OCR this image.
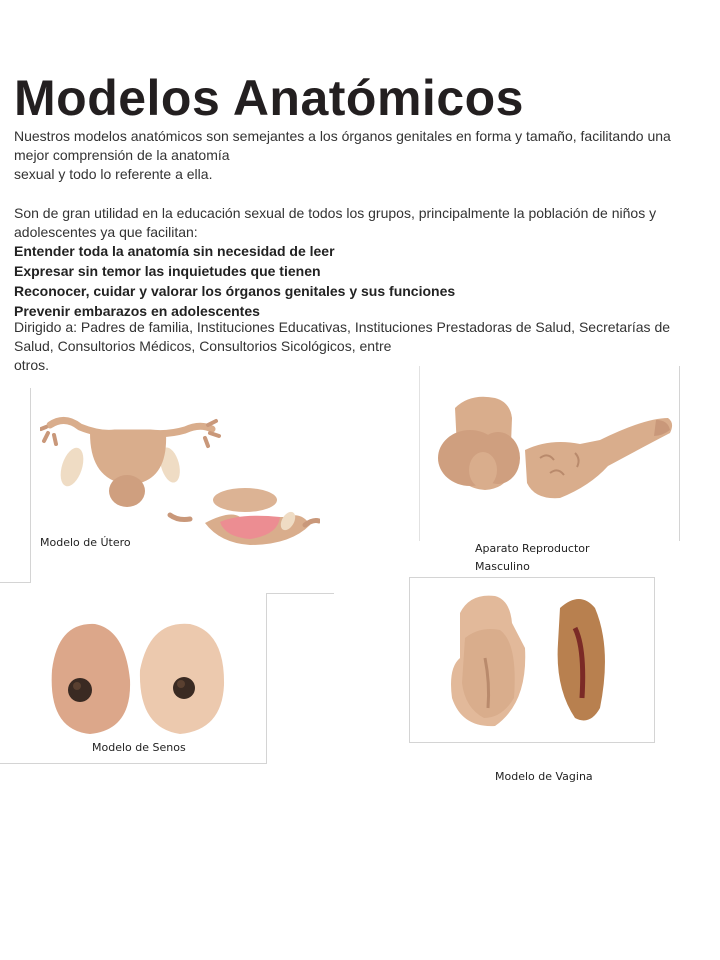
Modelos Anatómicos
Nuestros modelos anatómicos son semejantes a los órganos genitales en forma y tamaño, facilitando una
mejor comprensión de la anatomía
sexual y todo lo referente a ella.
Son de gran utilidad en la educación sexual de todos los grupos, principalmente la población de niños y
adolescentes ya que facilitan:
Entender toda la anatomía sin necesidad de leer
Expresar sin temor las inquietudes que tienen
Reconocer, cuidar y valorar los órganos genitales y sus funciones
Prevenir embarazos en adolescentes
Dirigido a: Padres de familia, Instituciones Educativas, Instituciones Prestadoras de Salud, Secretarías de
Salud, Consultorios Médicos, Consultorios Sicológicos, entre
otros.
Modelo de Útero	Aparato Reproductor
Masculino
Modelo de Senos
Modelo de Vagina
